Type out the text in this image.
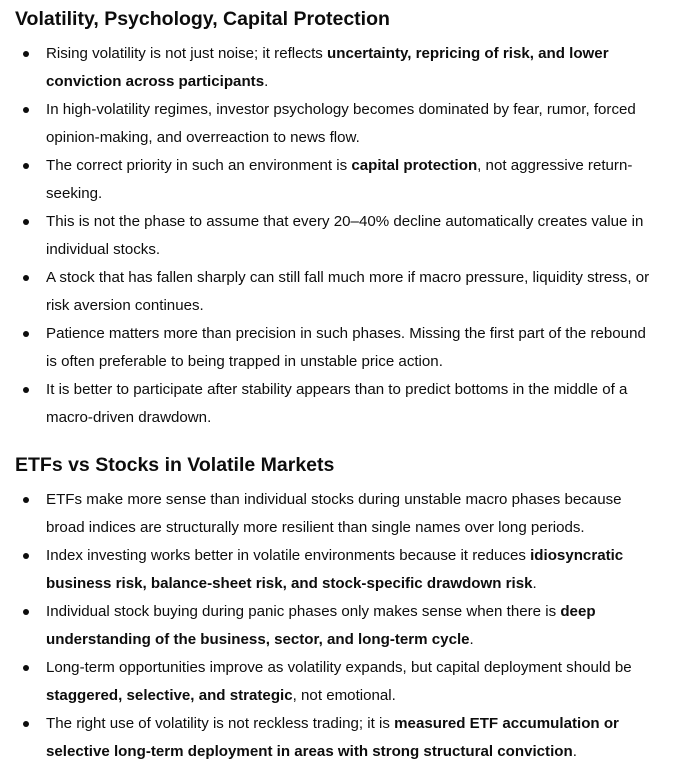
Volatility, Psychology, Capital Protection
Rising volatility is not just noise; it reflects uncertainty, repricing of risk, and lower conviction across participants.
In high-volatility regimes, investor psychology becomes dominated by fear, rumor, forced opinion-making, and overreaction to news flow.
The correct priority in such an environment is capital protection, not aggressive return-seeking.
This is not the phase to assume that every 20–40% decline automatically creates value in individual stocks.
A stock that has fallen sharply can still fall much more if macro pressure, liquidity stress, or risk aversion continues.
Patience matters more than precision in such phases. Missing the first part of the rebound is often preferable to being trapped in unstable price action.
It is better to participate after stability appears than to predict bottoms in the middle of a macro-driven drawdown.
ETFs vs Stocks in Volatile Markets
ETFs make more sense than individual stocks during unstable macro phases because broad indices are structurally more resilient than single names over long periods.
Index investing works better in volatile environments because it reduces idiosyncratic business risk, balance-sheet risk, and stock-specific drawdown risk.
Individual stock buying during panic phases only makes sense when there is deep understanding of the business, sector, and long-term cycle.
Long-term opportunities improve as volatility expands, but capital deployment should be staggered, selective, and strategic, not emotional.
The right use of volatility is not reckless trading; it is measured ETF accumulation or selective long-term deployment in areas with strong structural conviction.
